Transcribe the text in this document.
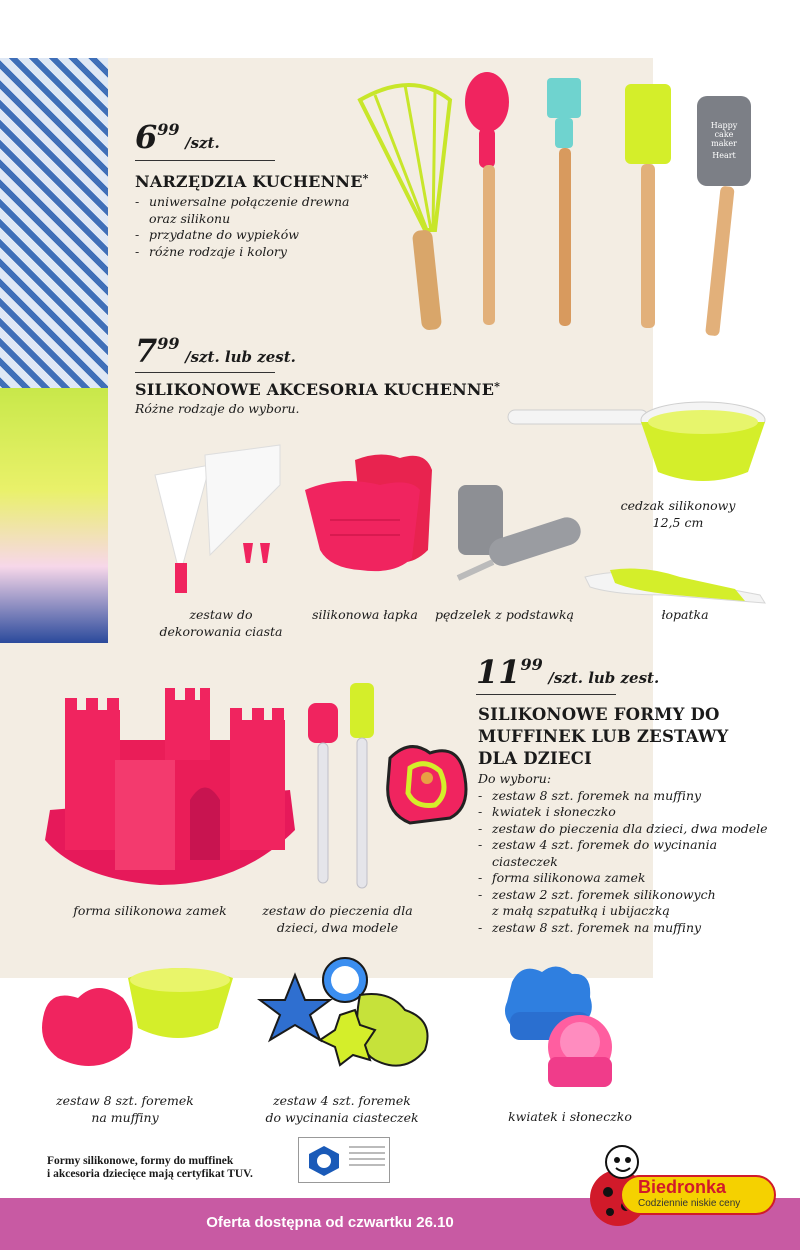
699 /szt.
NARZĘDZIA KUCHENNE*
- uniwersalne połączenie drewna
oraz silikonu
- przydatne do wypieków
- różne rodzaje i kolory
Happy
cake
maker
Heart
799 /szt. lub zest.
SILIKONOWE AKCESORIA KUCHENNE*
Różne rodzaje do wyboru.
cedzak silikonowy
12,5 cm
zestaw do
dekorowania ciasta
silikonowa łapka	pędzelek z podstawką	łopatka
1199 /szt. lub zest.
SILIKONOWE FORMY DO
MUFFINEK LUB ZESTAWY
DLA DZIECI
Do wyboru:
- zestaw 8 szt. foremek na muffiny
- kwiatek i słoneczko
- zestaw do pieczenia dla dzieci, dwa modele
- zestaw 4 szt. foremek do wycinania
ciasteczek
- forma silikonowa zamek
- zestaw 2 szt. foremek silikonowych
z małą szpatułką i ubijaczką
- zestaw 8 szt. foremek na muffiny
forma silikonowa zamek	zestaw do pieczenia dla
dzieci, dwa modele
zestaw 8 szt. foremek
na muffiny
zestaw 4 szt. foremek
do wycinania ciasteczek	kwiatek i słoneczko
Formy silikonowe, formy do muffinek
i akcesoria dziecięce mają certyfikat TUV.
Oferta dostępna od czwartku 26.10
Biedronka
Codziennie niskie ceny
